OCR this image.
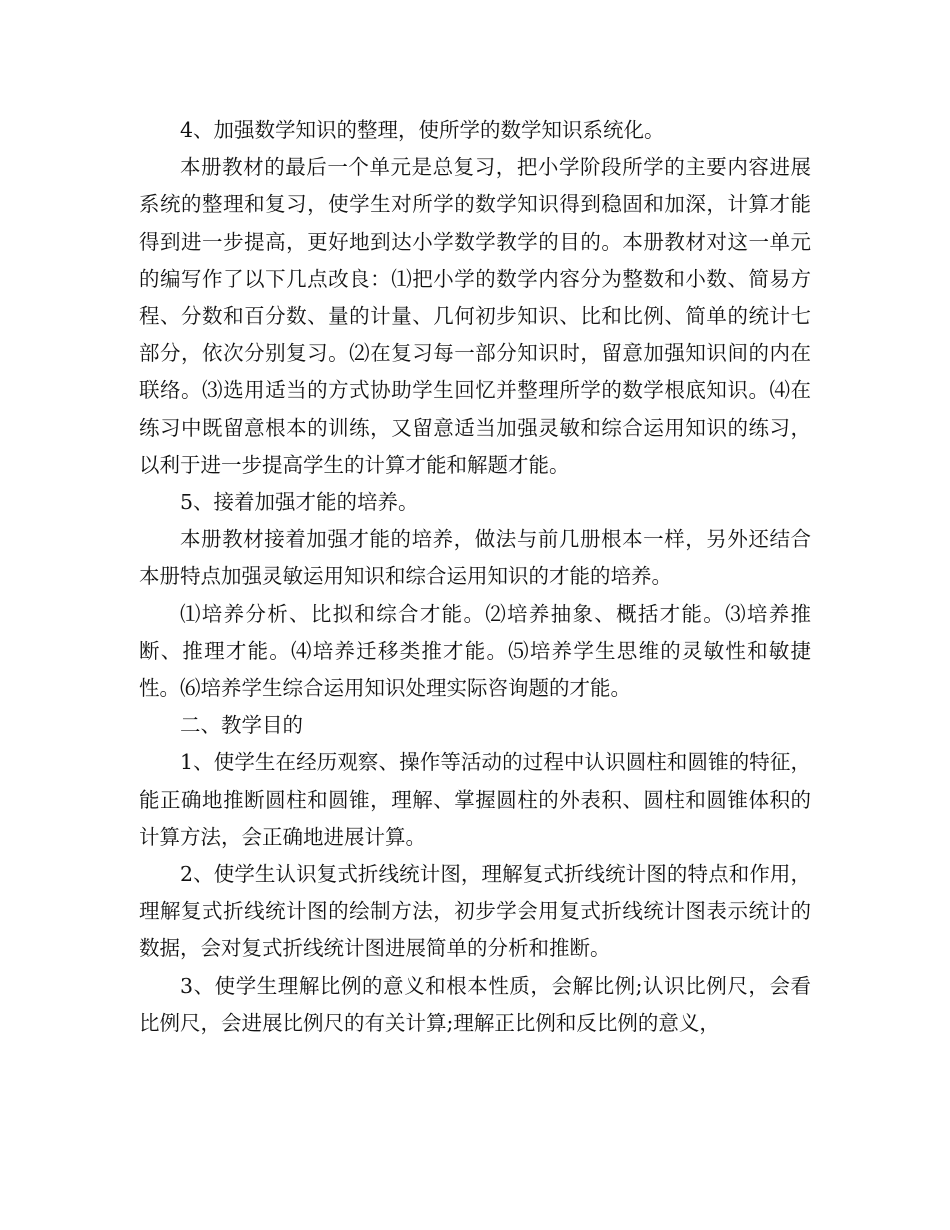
4、加强数学知识的整理，使所学的数学知识系统化。

本册教材的最后一个单元是总复习，把小学阶段所学的主要内容进展系统的整理和复习，使学生对所学的数学知识得到稳固和加深，计算才能得到进一步提高，更好地到达小学数学教学的目的。本册教材对这一单元的编写作了以下几点改良：⑴把小学的数学内容分为整数和小数、简易方程、分数和百分数、量的计量、几何初步知识、比和比例、简单的统计七部分，依次分别复习。⑵在复习每一部分知识时，留意加强知识间的内在联络。⑶选用适当的方式协助学生回忆并整理所学的数学根底知识。⑷在练习中既留意根本的训练，又留意适当加强灵敏和综合运用知识的练习，以利于进一步提高学生的计算才能和解题才能。

5、接着加强才能的培养。

本册教材接着加强才能的培养，做法与前几册根本一样，另外还结合本册特点加强灵敏运用知识和综合运用知识的才能的培养。

⑴培养分析、比拟和综合才能。⑵培养抽象、概括才能。⑶培养推断、推理才能。⑷培养迁移类推才能。⑸培养学生思维的灵敏性和敏捷性。⑹培养学生综合运用知识处理实际咨询题的才能。

二、教学目的

1、使学生在经历观察、操作等活动的过程中认识圆柱和圆锥的特征，能正确地推断圆柱和圆锥，理解、掌握圆柱的外表积、圆柱和圆锥体积的计算方法，会正确地进展计算。

2、使学生认识复式折线统计图，理解复式折线统计图的特点和作用，理解复式折线统计图的绘制方法，初步学会用复式折线统计图表示统计的数据，会对复式折线统计图进展简单的分析和推断。

3、使学生理解比例的意义和根本性质，会解比例;认识比例尺，会看比例尺，会进展比例尺的有关计算;理解正比例和反比例的意义，
